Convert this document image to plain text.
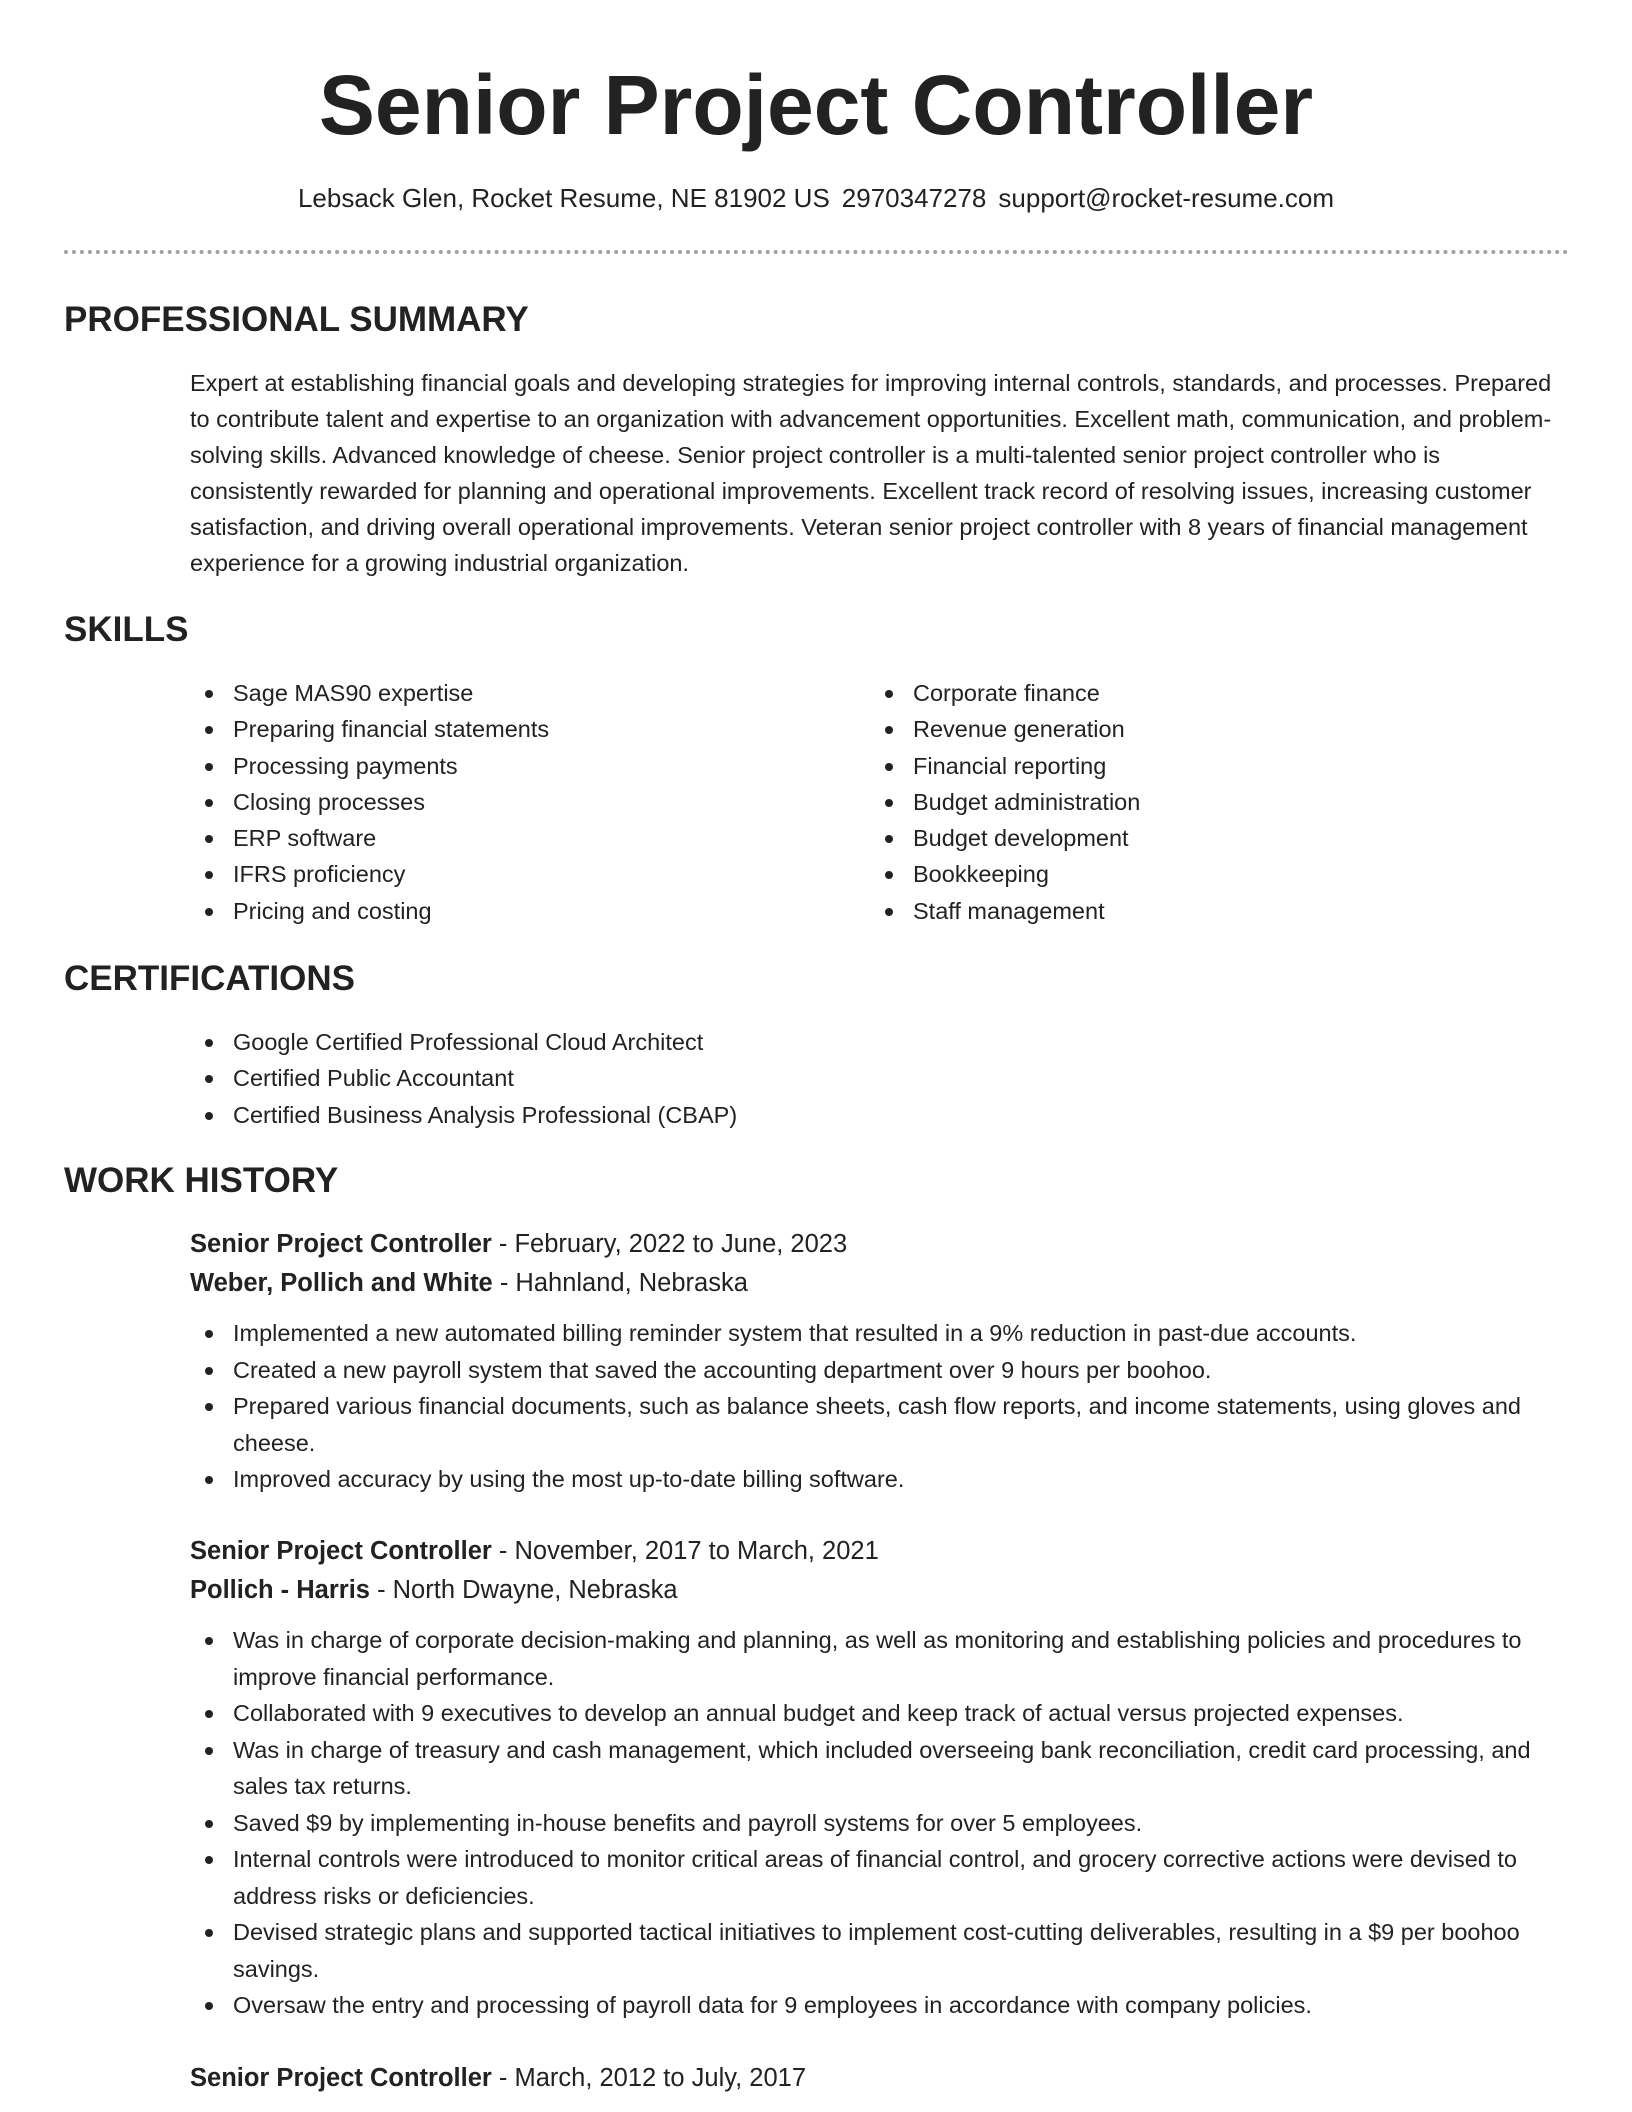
Senior Project Controller
Lebsack Glen, Rocket Resume, NE 81902 US 2970347278 support@rocket-resume.com
PROFESSIONAL SUMMARY

Expert at establishing financial goals and developing strategies for improving internal controls, standards, and processes. Prepared to contribute talent and expertise to an organization with advancement opportunities. Excellent math, communication, and problem-solving skills. Advanced knowledge of cheese. Senior project controller is a multi-talented senior project controller who is consistently rewarded for planning and operational improvements. Excellent track record of resolving issues, increasing customer satisfaction, and driving overall operational improvements. Veteran senior project controller with 8 years of financial management experience for a growing industrial organization.

SKILLS
Sage MAS90 expertise
Preparing financial statements
Processing payments
Closing processes
ERP software
IFRS proficiency
Pricing and costing
Corporate finance
Revenue generation
Financial reporting
Budget administration
Budget development
Bookkeeping
Staff management
CERTIFICATIONS
Google Certified Professional Cloud Architect
Certified Public Accountant
Certified Business Analysis Professional (CBAP)
WORK HISTORY

Senior Project Controller - February, 2022 to June, 2023

Weber, Pollich and White - Hahnland, Nebraska

Implemented a new automated billing reminder system that resulted in a 9% reduction in past-due accounts.
Created a new payroll system that saved the accounting department over 9 hours per boohoo.
Prepared various financial documents, such as balance sheets, cash flow reports, and income statements, using gloves and cheese.
Improved accuracy by using the most up-to-date billing software.

Senior Project Controller - November, 2017 to March, 2021

Pollich - Harris - North Dwayne, Nebraska

Was in charge of corporate decision-making and planning, as well as monitoring and establishing policies and procedures to improve financial performance.
Collaborated with 9 executives to develop an annual budget and keep track of actual versus projected expenses.
Was in charge of treasury and cash management, which included overseeing bank reconciliation, credit card processing, and sales tax returns.
Saved $9 by implementing in-house benefits and payroll systems for over 5 employees.
Internal controls were introduced to monitor critical areas of financial control, and grocery corrective actions were devised to address risks or deficiencies.
Devised strategic plans and supported tactical initiatives to implement cost-cutting deliverables, resulting in a $9 per boohoo savings.
Oversaw the entry and processing of payroll data for 9 employees in accordance with company policies.

Senior Project Controller - March, 2012 to July, 2017
